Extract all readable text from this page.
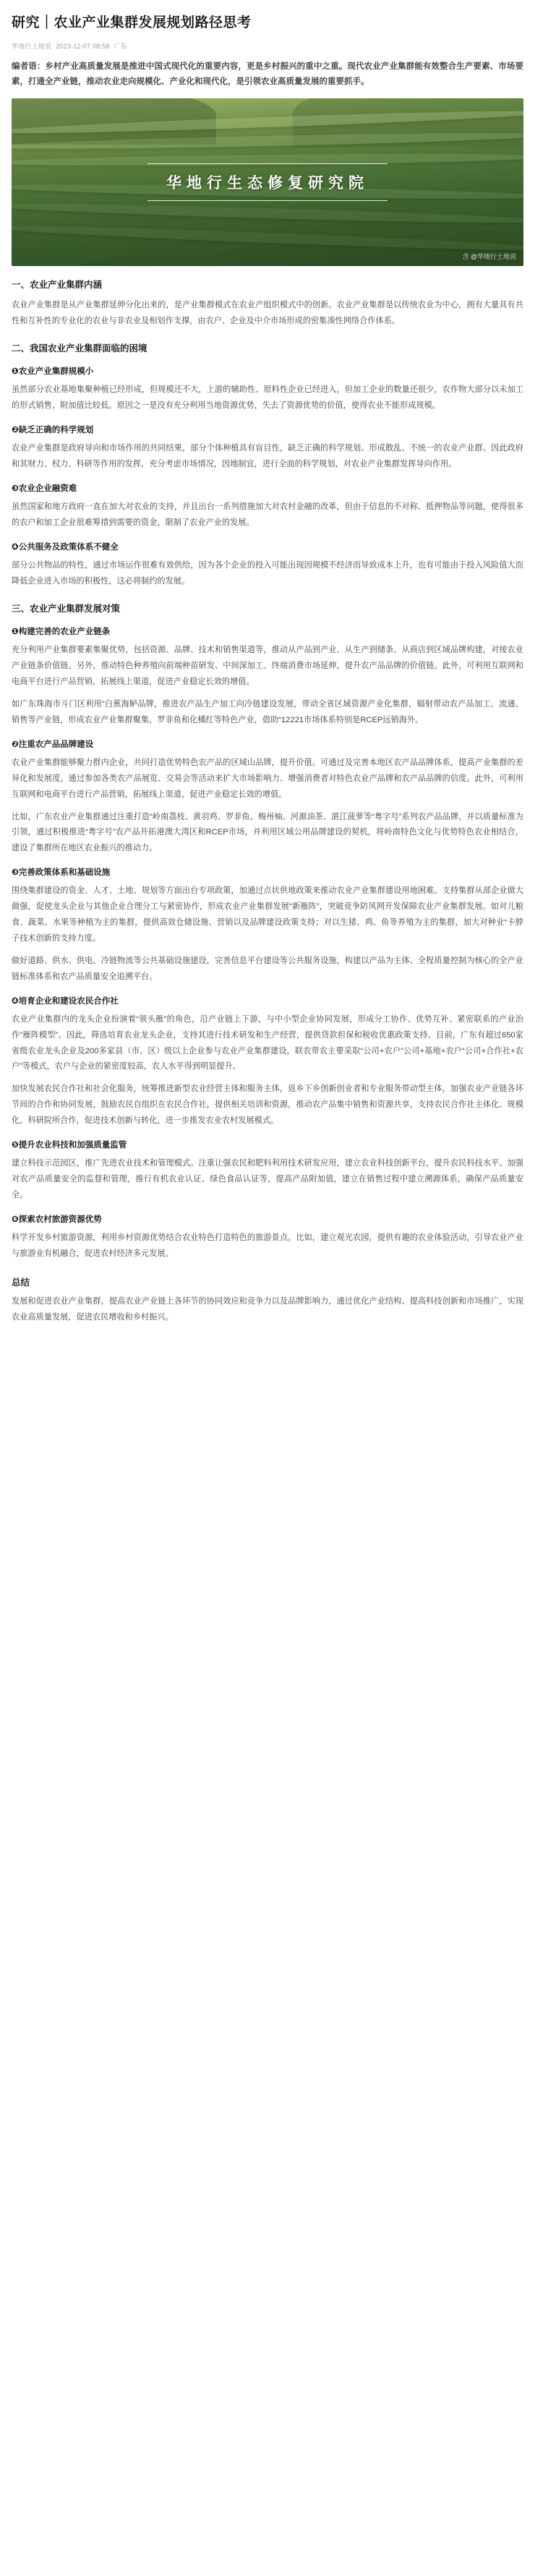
研究｜农业产业集群发展规划路径思考
华地行土地说 2023-12-07 08:58 广东

编者语：乡村产业高质量发展是推进中国式现代化的重要内容，更是乡村振兴的重中之重。现代农业产业集群能有效整合生产要素、市场要素，打通全产业链，推动农业走向规模化、产业化和现代化，是引领农业高质量发展的重要抓手。

华地行生态修复研究院
含 @华地行土地说
一、农业产业集群内涵

农业产业集群是从产业集群延伸分化出来的，是产业集群模式在农业产组织模式中的创新。农业产业集群是以传统农业为中心，拥有大量具有共性和互补性的专业化的农业与非农业及相划作支撑，由农户、企业及中介市场形成的密集凑性网络合作体系。

二、我国农业产业集群面临的困境
❶农业产业集群规模小

虽然部分农业基地集聚种植已经形成，但规模还不大，上游的辅助性、原料性企业已经进入，但加工企业的数量还很少，农作物大部分以未加工的形式销售，附加值比较低。原因之一是没有充分利用当地资源优势，失去了资源优势的价值，使得农业不能形成规模。

❷缺乏正确的科学规划

农业产业集群是政府导向和市场作用的共同结果，部分个体种植具有盲目性，缺乏正确的科学规划、形成散乱、不统一的农业产业群。因此政府和其财力、权力、科研等作用的发挥，充分考虑市场情况，因地制宜，进行全面的科学规划，对农业产业集群发挥导向作用。

❸农业企业融资难

虽然国家和地方政府一直在加大对农业的支持，并且出台一系列措施加大对农村金融的改革，但由于信息的不对称、抵押物品等问题，使得很多的农户和加工企业很难筹措到需要的资金，限制了农业产业的发展。

❹公共服务及政策体系不健全

部分公共物品的特性，通过市场运作很难有效供给，因为各个企业的投入可能出现因规模不经济而导致成本上升，也有可能由于投入风险值大而降低企业进入市场的积极性，这必将制约的发展。

三、农业产业集群发展对策
❶构建完善的农业产业链条

充分利用产业集群要素集聚优势，包括资源、品牌、技术和销售渠道等，推动从产品到产业、从生产到储条、从商店到区域品牌构建，对接农业产业链条价值链。另外，推动特色种养殖向前端种苗研发、中间深加工、终端消费市场延伸，提升农产品品牌的价值链。此外，可利用互联网和电商平台进行产品营销，拓展线上渠道，促进产业稳定长效的增值。

如广东珠海市斗门区利用“白蕉海鲈品牌，推进农产品生产加工向冷链建设发展，带动全省区域资源产业化集群，辐射带动农产品加工、流通、销售等产业链，形成农业产业集群聚集，罗非鱼和化橘红等特色产业，借助“12221市场体系特别是RCEP远销海外。

❷注重农产品品牌建设

农业产业集群能够聚力群内企业，共同打造优势特色农产品的区域山品牌，提升价值。可通过及完善本地区农产品品牌体系，提高产业集群的差异化和发展度，通过参加各类农产品展览、交易会等活动来扩大市场影响力、增强消费者对特色农业产品牌和农产品品牌的信度。此外，可利用互联网和电商平台进行产品营销，拓展线上渠道，促进产业稳定长效的增值。

比如，广东农业产业集群通过注重打造“岭南荔枝、黄羽鸡、罗非鱼、梅州柚、河源油茶、湛江菠萝等“粤字号”系列农产品品牌，并以质量标准为引领，通过积极推进“粤字号”农产品开拓港澳大湾区和RCEP市场，并利用区域公用品牌建设的契机，将岭南特色文化与优势特色农业相结合，建设了集群所在地区农业振兴的推动力。

❸完善政策体系和基础设施

围绕集群建设的资金、人才、土地、规划等方面出台专项政策，加通过点状供地政策来推动农业产业集群建设用地困难。支持集群从部企业做大做强，促使龙头企业与其他企业合理分工与紧密协作，形成农业产业集群发展“新雁阵”，突破竞争防风网开发保障农业产业集群发展。如对儿粮食、蔬菜、水果等种植为主的集群，提供高效仓储设施、营销以及品牌建设政策支持；对以生猪、鸡、鱼等养殖为主的集群，加大对种业“卡脖子技术创新的支持力度。

做好道路、供水、供电、冷链物流等公共基础设施建设，完善信息平台建设等公共服务设施，构建以产品为主体、全程质量控制为核心的全产业链标准体系和农产品质量安全追溯平台。

❹培育企业和建设农民合作社

农业产业集群内的龙头企业扮演着“领头雁”的角色，沿产业链上下游，与中小型企业协同发展，形成分工协作、优势互补、紧密联系的产业治作“雁阵模型”。因此，筛选培育农业龙头企业，支持其进行技术研发和生产经营，提供贷款担保和税收优惠政策支持。目前，广东有超过650家省级农业龙头企业及200多家县（市、区）级以上企业参与农业产业集群建设，联农带农主要采取“公司+农户”公司+基地+农户“公司+合作社+农户”等模式，农户与企业的紧密度较高，农人水平得到明显提升。

加快发展农民合作社和社会化服务，统筹推进新型农业经营主体和服务主体，返乡下乡创新创业者和专业服务带动型主体，加强农业产业链各环节间的合作和协同发展，鼓励农民自组织在农民合作社，提供相关培训和资源，推动农产品集中销售和资源共享，支持农民合作社主体化、规模化，科研院所合作，促进技术创新与转化，进一步推发农业农村发展模式。

❺提升农业科技和加强质量监管

建立科技示范园区，推广先进农业技术和管理模式。注重让强农民和肥料利用技术研发应用，建立农业科技创新平台，提升农民科技水平。加强对农产品质量安全的监督和管理，推行有机农业认证、绿色食品认证等，提高产品附加值，建立在销售过程中建立溯源体系，确保产品质量安全。

❻探索农村旅游资源优势

科学开发乡村旅游资源，利用乡村资源优势结合农业特色打造特色的旅游景点。比如，建立观光农园，提供有趣的农业体验活动，引导农业产业与旅游业有机融合，促进农村经济多元发展。

总结

发展和促进农业产业集群，提高农业产业链上各环节的协同效应和竞争力以及品牌影响力，通过优化产业结构、提高科技创新和市场推广，实现农业高质量发展，促进农民增收和乡村振兴。
